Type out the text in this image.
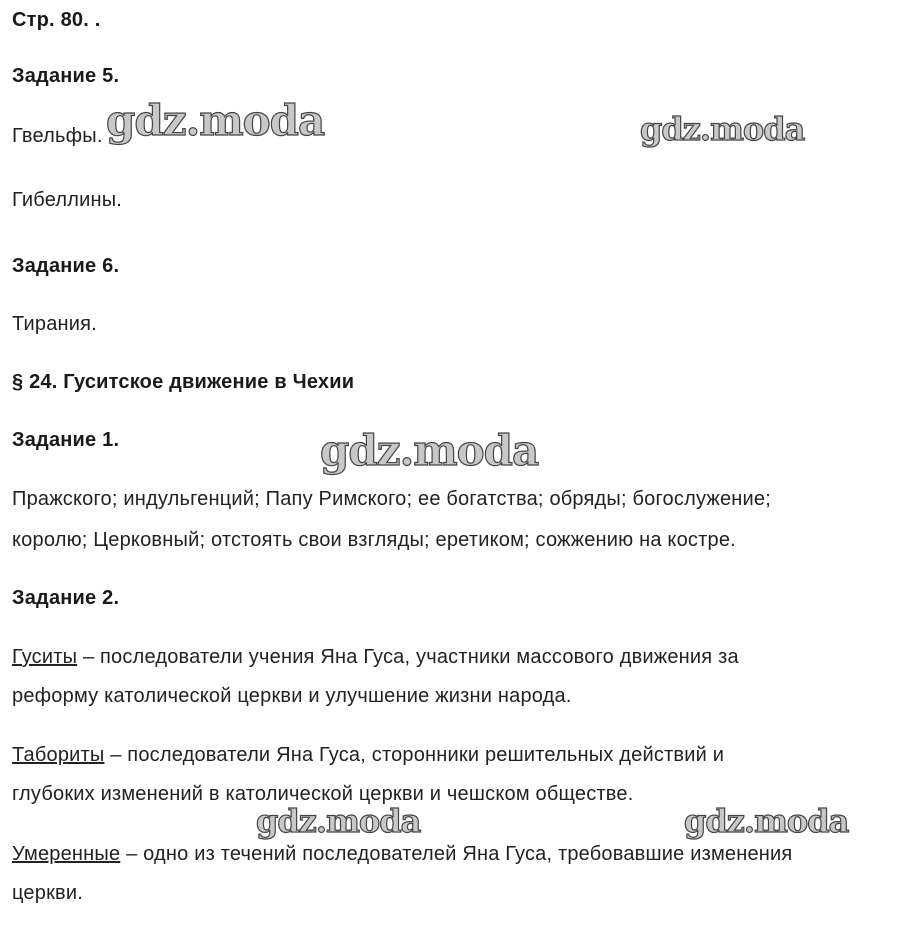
Стр. 80. .
Задание 5.
Гвельфы.
Гибеллины.
Задание 6.
Тирания.
§ 24. Гуситское движение в Чехии
Задание 1.
Пражского; индульгенций; Папу Римского; ее богатства; обряды; богослужение;
королю; Церковный; отстоять свои взгляды; еретиком; сожжению на костре.
Задание 2.
Гуситы – последователи учения Яна Гуса, участники массового движения за
реформу католической церкви и улучшение жизни народа.
Табориты – последователи Яна Гуса, сторонники решительных действий и
глубоких изменений в католической церкви и чешском обществе.
Умеренные – одно из течений последователей Яна Гуса, требовавшие изменения
церкви.
gdz.moda	gdz.moda
gdz.moda
gdz.moda	gdz.moda
